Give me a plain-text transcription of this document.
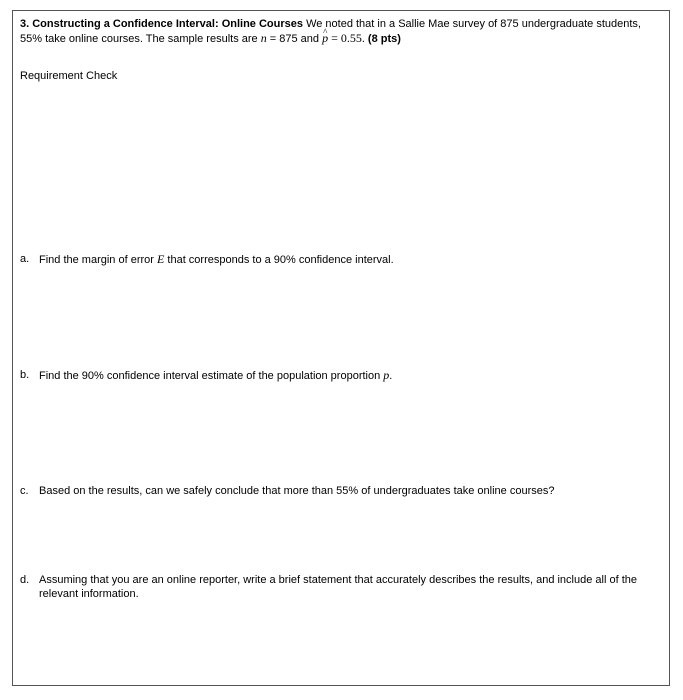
3. Constructing a Confidence Interval: Online Courses We noted that in a Sallie Mae survey of 875 undergraduate students, 55% take online courses. The sample results are n = 875 and ^ p = 0.55. (8 pts)
Requirement Check
a. Find the margin of error E that corresponds to a 90% confidence interval.
b. Find the 90% confidence interval estimate of the population proportion p.
c. Based on the results, can we safely conclude that more than 55% of undergraduates take online courses?
d. Assuming that you are an online reporter, write a brief statement that accurately describes the results, and include all of the relevant information.
